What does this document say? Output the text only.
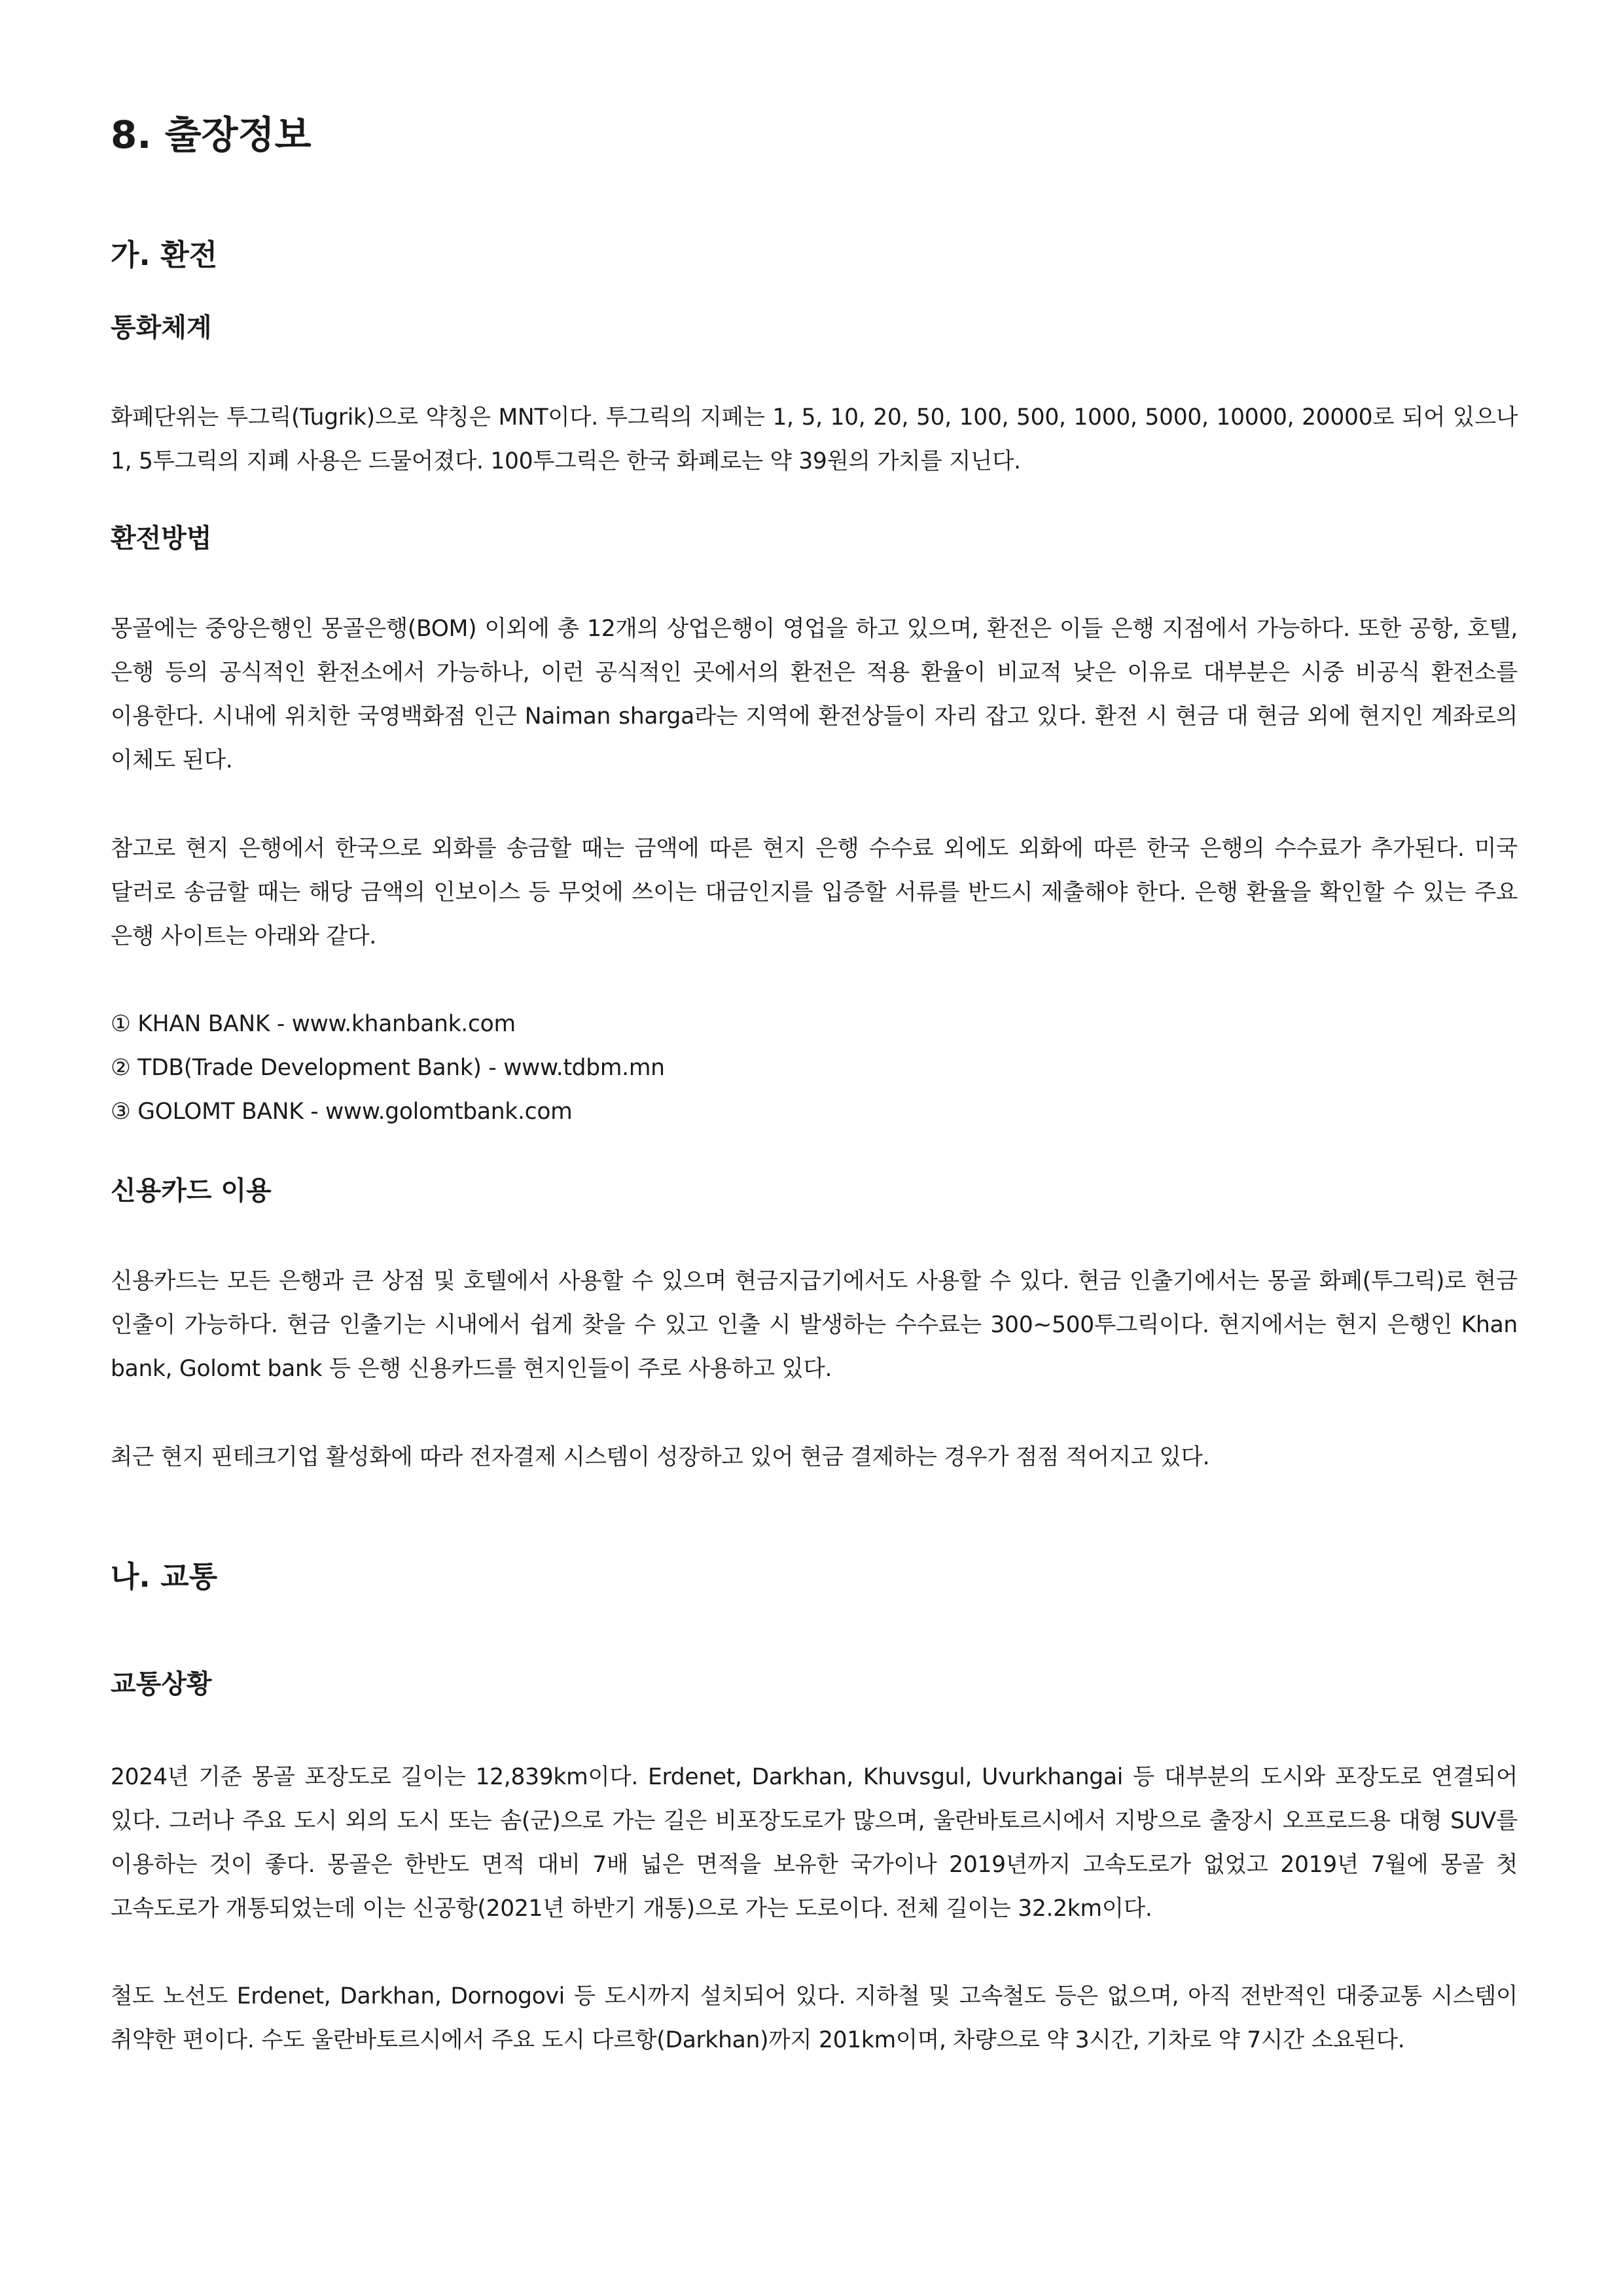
8. 출장정보
가. 환전
통화체계

화폐단위는 투그릭(Tugrik)으로 약칭은 MNT이다. 투그릭의 지폐는 1, 5, 10, 20, 50, 100, 500, 1000, 5000, 10000, 20000로 되어 있으나 1, 5투그릭의 지폐 사용은 드물어졌다. 100투그릭은 한국 화폐로는 약 39원의 가치를 지닌다.

환전방법

몽골에는 중앙은행인 몽골은행(BOM) 이외에 총 12개의 상업은행이 영업을 하고 있으며, 환전은 이들 은행 지점에서 가능하다. 또한 공항, 호텔, 은행 등의 공식적인 환전소에서 가능하나, 이런 공식적인 곳에서의 환전은 적용 환율이 비교적 낮은 이유로 대부분은 시중 비공식 환전소를 이용한다. 시내에 위치한 국영백화점 인근 Naiman sharga라는 지역에 환전상들이 자리 잡고 있다. 환전 시 현금 대 현금 외에 현지인 계좌로의 이체도 된다.

참고로 현지 은행에서 한국으로 외화를 송금할 때는 금액에 따른 현지 은행 수수료 외에도 외화에 따른 한국 은행의 수수료가 추가된다. 미국 달러로 송금할 때는 해당 금액의 인보이스 등 무엇에 쓰이는 대금인지를 입증할 서류를 반드시 제출해야 한다. 은행 환율을 확인할 수 있는 주요 은행 사이트는 아래와 같다.

① KHAN BANK - www.khanbank.com
② TDB(Trade Development Bank) - www.tdbm.mn
③ GOLOMT BANK - www.golomtbank.com
신용카드 이용

신용카드는 모든 은행과 큰 상점 및 호텔에서 사용할 수 있으며 현금지급기에서도 사용할 수 있다. 현금 인출기에서는 몽골 화폐(투그릭)로 현금 인출이 가능하다. 현금 인출기는 시내에서 쉽게 찾을 수 있고 인출 시 발생하는 수수료는 300~500투그릭이다. 현지에서는 현지 은행인 Khan bank, Golomt bank 등 은행 신용카드를 현지인들이 주로 사용하고 있다.

최근 현지 핀테크기업 활성화에 따라 전자결제 시스템이 성장하고 있어 현금 결제하는 경우가 점점 적어지고 있다.

나. 교통
교통상황

2024년 기준 몽골 포장도로 길이는 12,839km이다. Erdenet, Darkhan, Khuvsgul, Uvurkhangai 등 대부분의 도시와 포장도로 연결되어 있다. 그러나 주요 도시 외의 도시 또는 솜(군)으로 가는 길은 비포장도로가 많으며, 울란바토르시에서 지방으로 출장시 오프로드용 대형 SUV를 이용하는 것이 좋다. 몽골은 한반도 면적 대비 7배 넓은 면적을 보유한 국가이나 2019년까지 고속도로가 없었고 2019년 7월에 몽골 첫 고속도로가 개통되었는데 이는 신공항(2021년 하반기 개통)으로 가는 도로이다. 전체 길이는 32.2km이다.

철도 노선도 Erdenet, Darkhan, Dornogovi 등 도시까지 설치되어 있다. 지하철 및 고속철도 등은 없으며, 아직 전반적인 대중교통 시스템이 취약한 편이다. 수도 울란바토르시에서 주요 도시 다르항(Darkhan)까지 201km이며, 차량으로 약 3시간, 기차로 약 7시간 소요된다.
